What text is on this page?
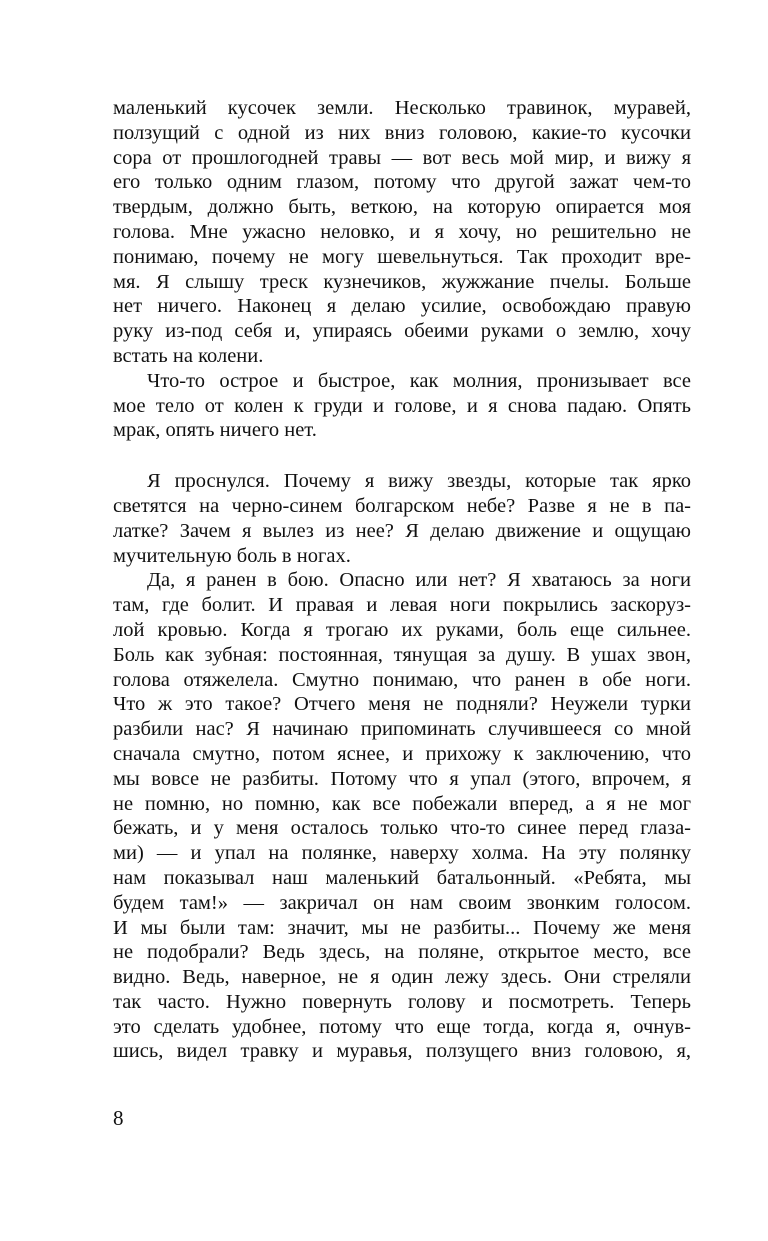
маленький кусочек земли. Несколько травинок, муравей,
ползущий с одной из них вниз головою, какие-то кусочки
сора от прошлогодней травы — вот весь мой мир, и вижу я
его только одним глазом, потому что другой зажат чем-то
твердым, должно быть, веткою, на которую опирается моя
голова. Мне ужасно неловко, и я хочу, но решительно не
понимаю, почему не могу шевельнуться. Так проходит вре-
мя. Я слышу треск кузнечиков, жужжание пчелы. Больше
нет ничего. Наконец я делаю усилие, освобождаю правую
руку из-под себя и, упираясь обеими руками о землю, хочу
встать на колени.

Что-то острое и быстрое, как молния, пронизывает все
мое тело от колен к груди и голове, и я снова падаю. Опять
мрак, опять ничего нет.

Я проснулся. Почему я вижу звезды, которые так ярко
светятся на черно-синем болгарском небе? Разве я не в па-
латке? Зачем я вылез из нее? Я делаю движение и ощущаю
мучительную боль в ногах.

Да, я ранен в бою. Опасно или нет? Я хватаюсь за ноги
там, где болит. И правая и левая ноги покрылись заскоруз-
лой кровью. Когда я трогаю их руками, боль еще сильнее.
Боль как зубная: постоянная, тянущая за душу. В ушах звон,
голова отяжелела. Смутно понимаю, что ранен в обе ноги.
Что ж это такое? Отчего меня не подняли? Неужели турки
разбили нас? Я начинаю припоминать случившееся со мной
сначала смутно, потом яснее, и прихожу к заключению, что
мы вовсе не разбиты. Потому что я упал (этого, впрочем, я
не помню, но помню, как все побежали вперед, а я не мог
бежать, и у меня осталось только что-то синее перед глаза-
ми) — и упал на полянке, наверху холма. На эту полянку
нам показывал наш маленький батальонный. «Ребята, мы
будем там!» — закричал он нам своим звонким голосом.
И мы были там: значит, мы не разбиты... Почему же меня
не подобрали? Ведь здесь, на поляне, открытое место, все
видно. Ведь, наверное, не я один лежу здесь. Они стреляли
так часто. Нужно повернуть голову и посмотреть. Теперь
это сделать удобнее, потому что еще тогда, когда я, очнув-
шись, видел травку и муравья, ползущего вниз головою, я,

8
